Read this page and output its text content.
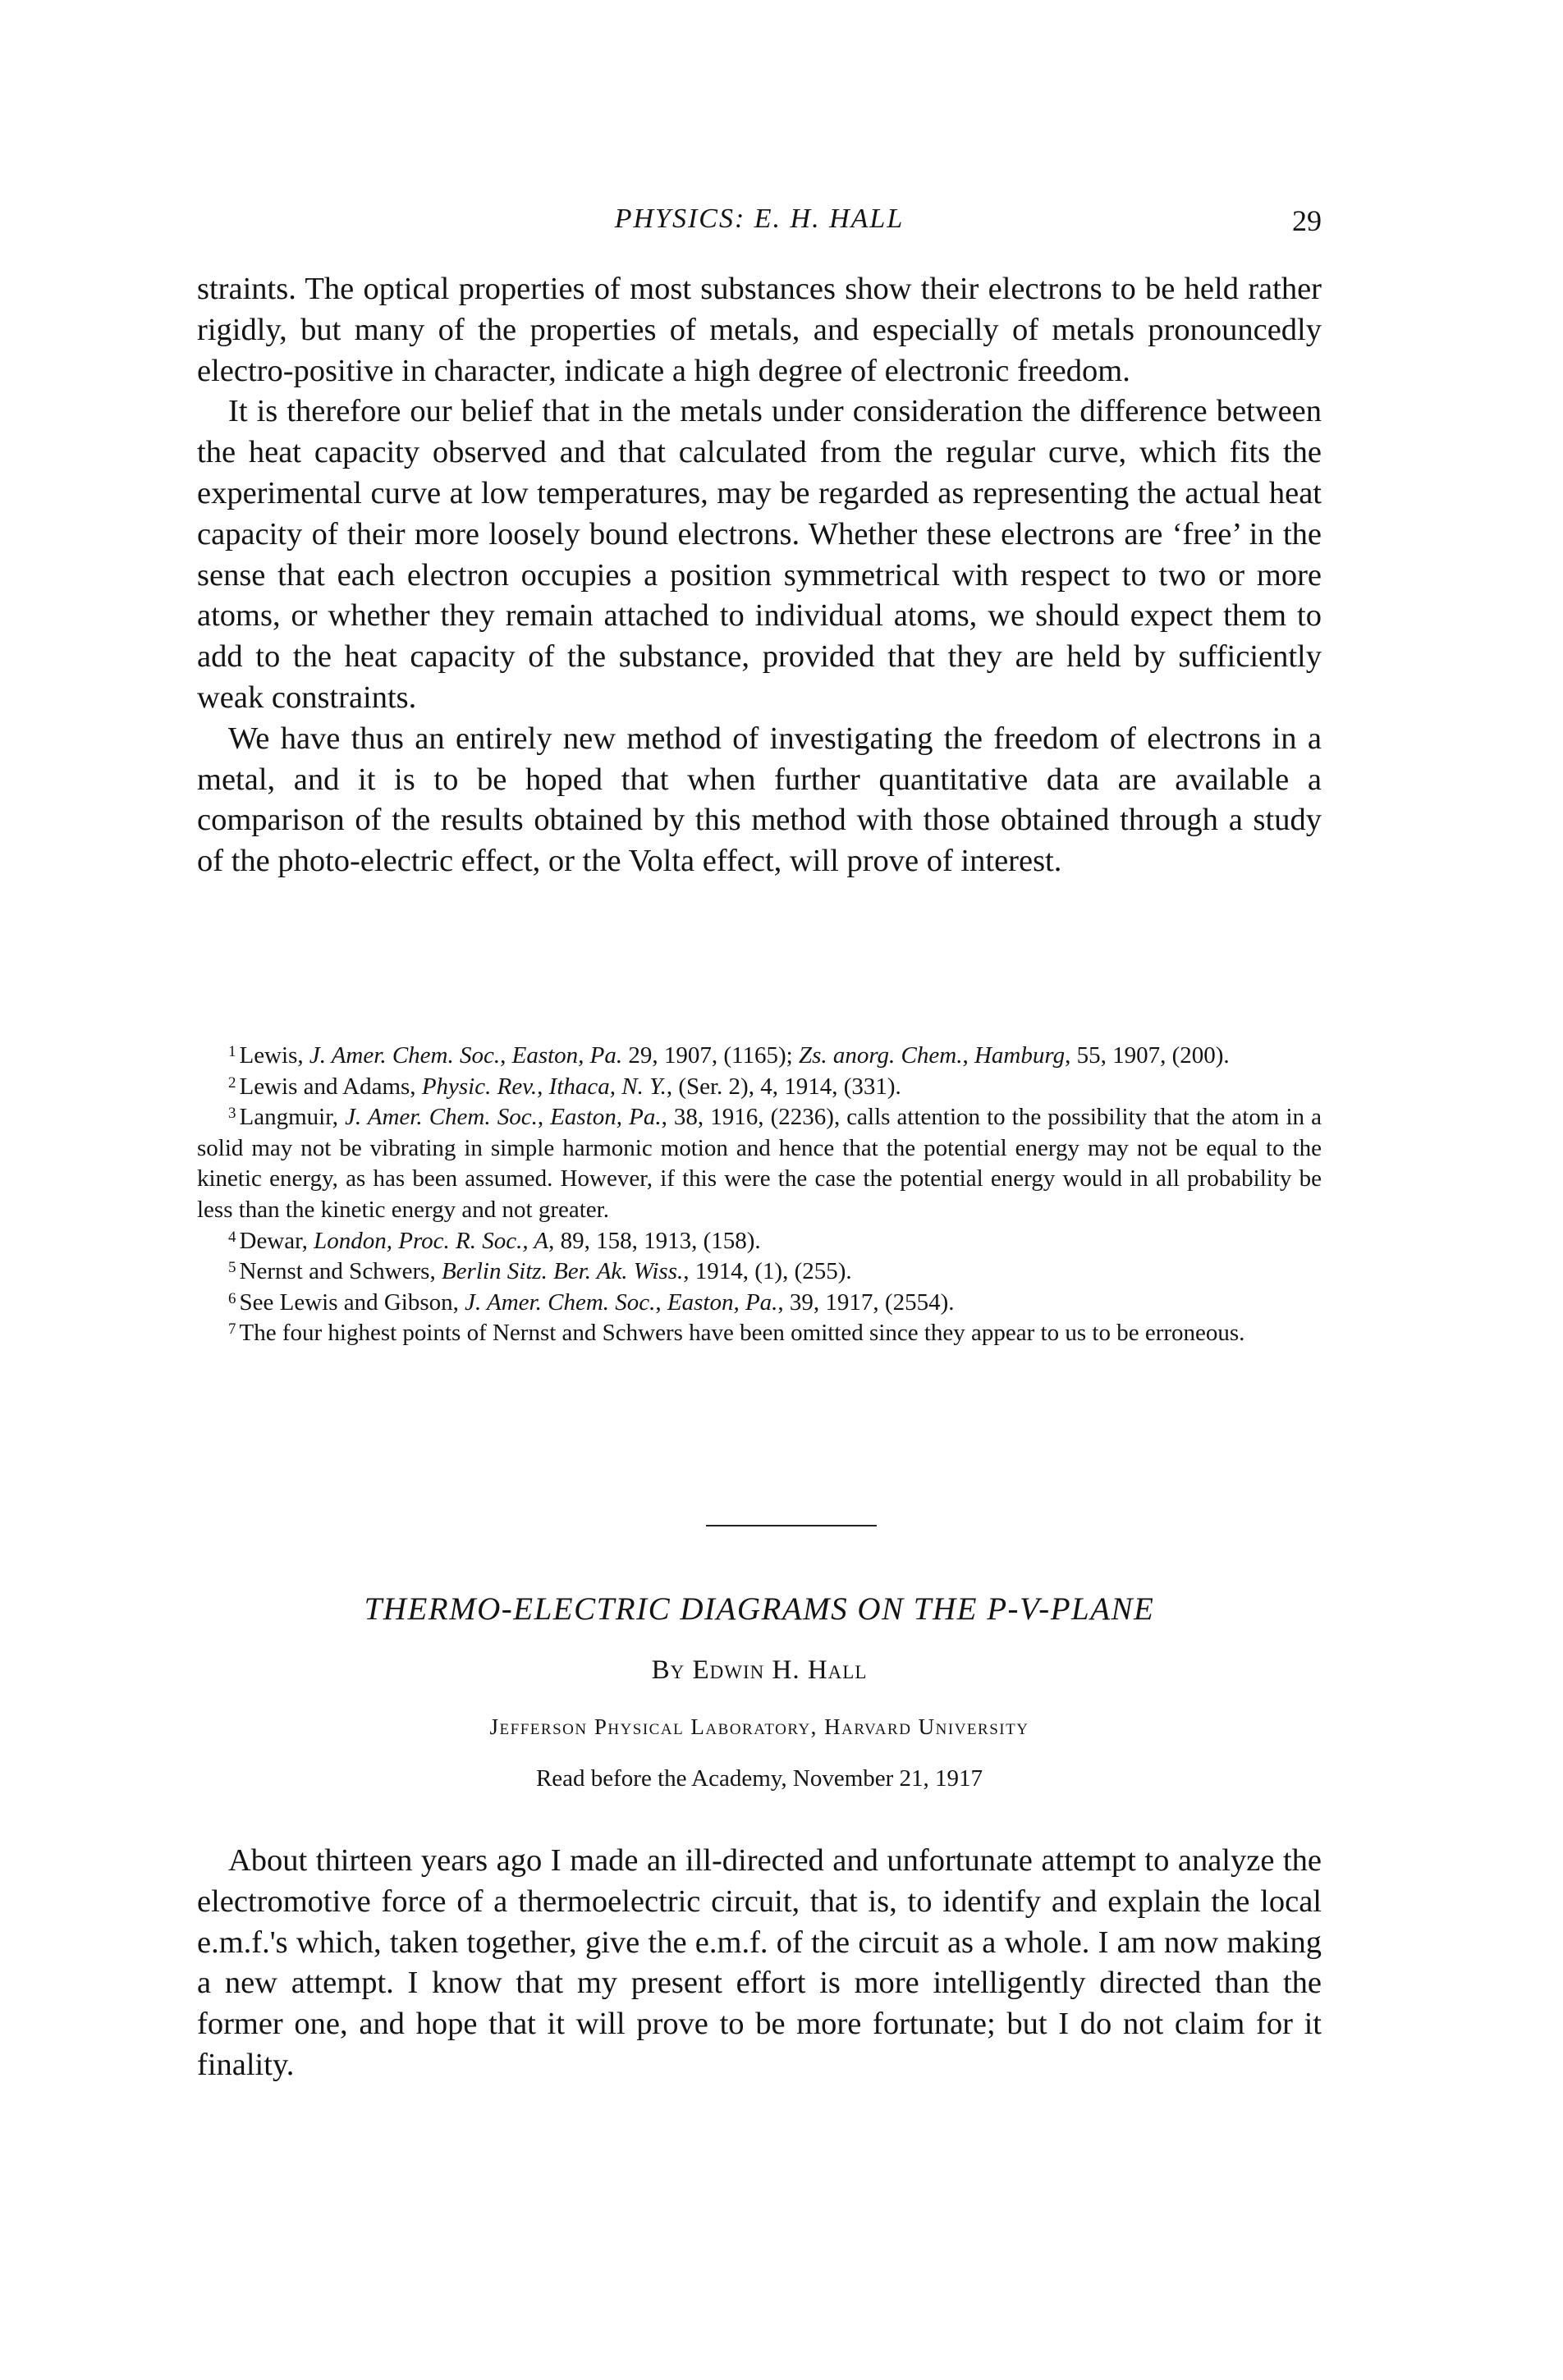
PHYSICS: E. H. HALL	29

straints. The optical properties of most substances show their electrons to be held rather rigidly, but many of the properties of metals, and especially of metals pronouncedly electro-positive in character, indicate a high degree of electronic freedom.

It is therefore our belief that in the metals under consideration the difference between the heat capacity observed and that calculated from the regular curve, which fits the experimental curve at low temperatures, may be regarded as representing the actual heat capacity of their more loosely bound electrons. Whether these electrons are ‘free’ in the sense that each electron occupies a position symmetrical with respect to two or more atoms, or whether they remain attached to individual atoms, we should expect them to add to the heat capacity of the substance, provided that they are held by sufficiently weak constraints.

We have thus an entirely new method of investigating the freedom of electrons in a metal, and it is to be hoped that when further quantitative data are available a comparison of the results obtained by this method with those obtained through a study of the photo-electric effect, or the Volta effect, will prove of interest.

$^1$ Lewis, J. Amer. Chem. Soc., Easton, Pa. 29, 1907, (1165); Zs. anorg. Chem., Hamburg, 55, 1907, (200).

$^2$ Lewis and Adams, Physic. Rev., Ithaca, N. Y., (Ser. 2), 4, 1914, (331).

$^3$ Langmuir, J. Amer. Chem. Soc., Easton, Pa., 38, 1916, (2236), calls attention to the possibility that the atom in a solid may not be vibrating in simple harmonic motion and hence that the potential energy may not be equal to the kinetic energy, as has been assumed. However, if this were the case the potential energy would in all probability be less than the kinetic energy and not greater.

$^4$ Dewar, London, Proc. R. Soc., A, 89, 158, 1913, (158).

$^5$ Nernst and Schwers, Berlin Sitz. Ber. Ak. Wiss., 1914, (1), (255).

$^6$ See Lewis and Gibson, J. Amer. Chem. Soc., Easton, Pa., 39, 1917, (2554).

$^7$ The four highest points of Nernst and Schwers have been omitted since they appear to us to be erroneous.

THERMO-ELECTRIC DIAGRAMS ON THE P-V-PLANE
By Edwin H. Hall
Jefferson Physical Laboratory, Harvard University
Read before the Academy, November 21, 1917

About thirteen years ago I made an ill-directed and unfortunate attempt to analyze the electromotive force of a thermoelectric circuit, that is, to identify and explain the local e.m.f.'s which, taken together, give the e.m.f. of the circuit as a whole. I am now making a new attempt. I know that my present effort is more intelligently directed than the former one, and hope that it will prove to be more fortunate; but I do not claim for it finality.
